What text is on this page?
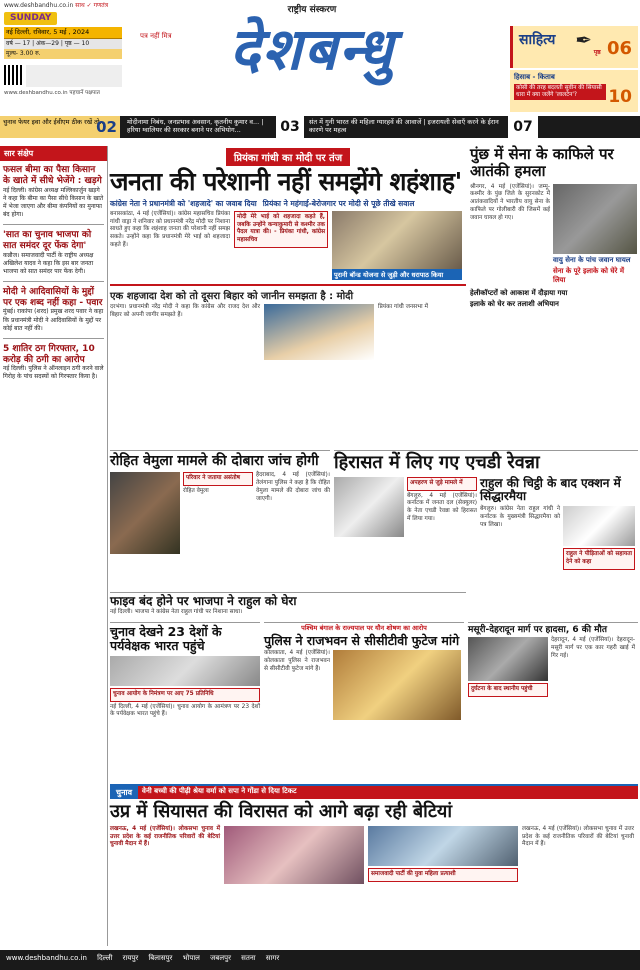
www.deshbandhu.co.in साथ ✓ गणतंत्र
SUNDAY
नई दिल्ली, रविवार, 5 मई , 2024
वर्ष — 17 | अंक—29 | पृष्ठ — 10
मूल्य- 3.00 रु.
www.deshbandhu.co.in पहचानें पक्षपात
राष्ट्रीय संस्करण
पत्र नहीं मित्र देशबन्धु	साहित्य
पृष्ठ 06
✒
हिसाब - किताब
कोसी की तरह बदलती सुवीन की सियासी धारा में क्या जलेंगे 'लालटेन'?	10
चुनाव फेयर इवा और ईवीएम ठीक रखें तो...
02	मोदीनामा निबंध, जनप्रभाव अवसान, कृतनीय कुमार व... | हरिया ग्वालियर की सरकार बनाने पर अभियोग...	03	संत में गुनी भारत की महिला ग्यारहवें की आवाजें | इजरायली सेवाएँ करने के ईरान कारणे पर महत्व	07
सार संक्षेप
फसल बीमा का पैसा किसान के खाते में सीधे भेजेंगे : खड़गे

नई दिल्ली। कांग्रेस अध्यक्ष मल्लिकार्जुन खड़गे ने कहा कि बीमा का पैसा सीधे किसान के खाते में भेजा जाएगा और बीमा कंपनियों का मुनाफा बंद होगा।

'सात का चुनाव भाजपा को सात समंदर दूर फेंक देगा'

कन्नौज। समाजवादी पार्टी के राष्ट्रीय अध्यक्ष अखिलेश यादव ने कहा कि इस बार जनता भाजपा को सात समंदर पार फेंक देगी।

मोदी ने आदिवासियों के मुद्दों पर एक शब्द नहीं कहा - पवार

मुंबई। राकांपा (शरद) प्रमुख शरद पवार ने कहा कि प्रधानमंत्री मोदी ने आदिवासियों के मुद्दों पर कोई बात नहीं की।

5 शातिर ठग गिरफ्तार, 10 करोड़ की ठगी का आरोप

नई दिल्ली। पुलिस ने ऑनलाइन ठगी करने वाले गिरोह के पांच सदस्यों को गिरफ्तार किया है।

प्रियंका गांधी का मोदी पर तंज
जनता की परेशानी नहीं समझेंगे शहंशाह'
कांग्रेस नेता ने प्रधानमंत्री को 'शहजादे' का जवाब दिया प्रियंका ने महंगाई-बेरोजगार पर मोदी से पूछे तीखे सवाल
बनासकांठा, 4 मई (एजेंसियां)। कांग्रेस महासचिव प्रियंका गांधी वाड्रा ने शनिवार को प्रधानमंत्री नरेंद्र मोदी पर निशाना साधते हुए कहा कि शहंशाह जनता की परेशानी नहीं समझ सकते। उन्होंने कहा कि प्रधानमंत्री मेरे भाई को शहजादा कहते हैं।
मोदी मेरे भाई को शहजादा कहते हैं, जबकि उन्होंने कन्याकुमारी से कश्मीर तक पैदल यात्रा की। - प्रियंका गांधी, कांग्रेस महासचिव
पुरानी बॉन्ड योजना से जुड़ी और धरापाठ किया
एक शहजादा देश को तो दूसरा बिहार को जानीन समझता है : मोदी
दरभंगा। प्रधानमंत्री नरेंद्र मोदी ने कहा कि कांग्रेस और राजद देश और बिहार को अपनी जागीर समझते हैं।
प्रियंका गांधी जनसभा में
पुंछ में सेना के काफिले पर आतंकी हमला
श्रीनगर, 4 मई (एजेंसियां)। जम्मू-कश्मीर के पुंछ जिले के सुरनकोट में आतंकवादियों ने भारतीय वायु सेना के काफिले पर गोलीबारी की जिसमें कई जवान घायल हो गए।
वायु सेना के पांच जवान घायल
सेना के पूरे इलाके को घेरे में लिया
हेलीकॉप्टरों को आकाश में दौड़ाया गया
इलाके को घेर कर तलाशी अभियान
रोहित वेमुला मामले की दोबारा जांच होगी
परिवार ने जताया असंतोष
रोहित वेमुला
हैदराबाद, 4 मई (एजेंसियां)। तेलंगाना पुलिस ने कहा है कि रोहित वेमुला मामले की दोबारा जांच की जाएगी।
हिरासत में लिए गए एचडी रेवन्ना
अपहरण से जुड़े मामले में
बेंगलुरु, 4 मई (एजेंसियां)। कर्नाटक में जनता दल (सेक्युलर) के नेता एचडी रेवन्ना को हिरासत में लिया गया।
राहुल की चिट्ठी के बाद एक्शन में सिद्धारमैया
बेंगलुरु। कांग्रेस नेता राहुल गांधी ने कर्नाटक के मुख्यमंत्री सिद्धारमैया को पत्र लिखा।
राहुल ने पीड़िताओं को सहायता देने को कहा
फाइव बंद होने पर भाजपा ने राहुल को घेरा
नई दिल्ली। भाजपा ने कांग्रेस नेता राहुल गांधी पर निशाना साधा।
चुनाव देखने 23 देशों के पर्यवेक्षक भारत पहुंचे
चुनाव आयोग के निमंत्रण पर आए 75 प्रतिनिधि
नई दिल्ली, 4 मई (एजेंसियां)। चुनाव आयोग के आमंत्रण पर 23 देशों के पर्यवेक्षक भारत पहुंचे हैं।
पश्चिम बंगाल के राज्यपाल पर यौन शोषण का आरोप
पुलिस ने राजभवन से सीसीटीवी फुटेज मांगे
कोलकाता, 4 मई (एजेंसियां)। कोलकाता पुलिस ने राजभवन से सीसीटीवी फुटेज मांगे हैं।
मसूरी-देहरादून मार्ग पर हादसा, 6 की मौत
दुर्घटना के बाद स्थानीय पहुंची
देहरादून, 4 मई (एजेंसियां)। देहरादून-मसूरी मार्ग पर एक कार गहरी खाई में गिर गई।
चुनाव	वेनी बच्ची की पीढ़ी श्रेया वर्मा को सपा ने गोंडा से दिया टिकट
उप्र में सियासत की विरासत को आगे बढ़ा रही बेटियां
लखनऊ, 4 मई (एजेंसियां)। लोकसभा चुनाव में उत्तर प्रदेश के कई राजनीतिक परिवारों की बेटियां चुनावी मैदान में हैं।
समाजवादी पार्टी की युवा महिला प्रत्याशी
लखनऊ, 4 मई (एजेंसियां)। लोकसभा चुनाव में उत्तर प्रदेश के कई राजनीतिक परिवारों की बेटियां चुनावी मैदान में हैं।
www.deshbandhu.co.in दिल्ली रायपुर बिलासपुर भोपाल जबलपुर सतना सागर
